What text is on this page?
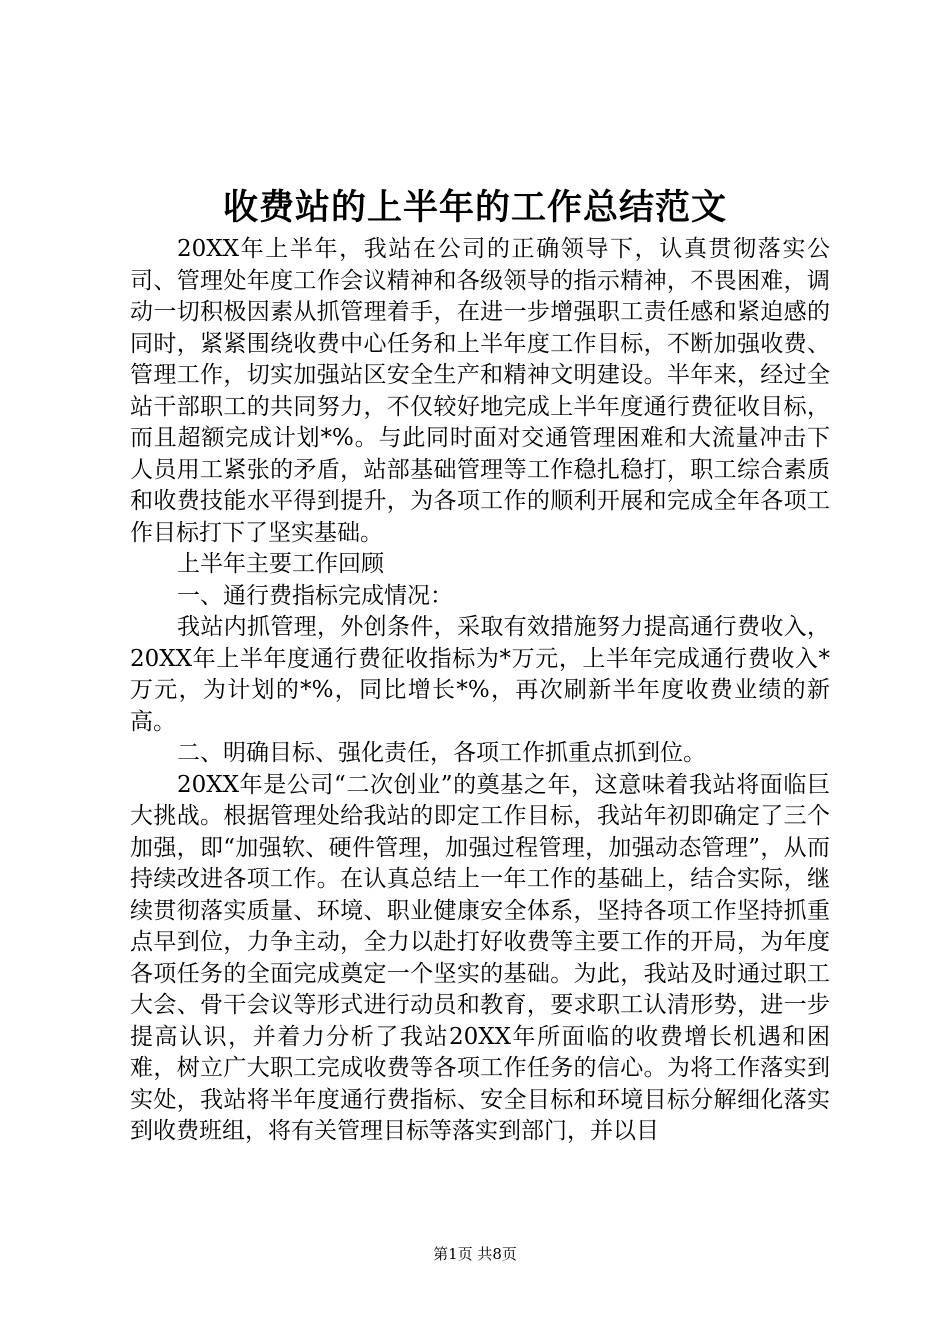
收费站的上半年的工作总结范文

20XX年上半年，我站在公司的正确领导下，认真贯彻落实公司、管理处年度工作会议精神和各级领导的指示精神，不畏困难，调动一切积极因素从抓管理着手，在进一步增强职工责任感和紧迫感的同时，紧紧围绕收费中心任务和上半年度工作目标，不断加强收费、管理工作，切实加强站区安全生产和精神文明建设。半年来，经过全站干部职工的共同努力，不仅较好地完成上半年度通行费征收目标，而且超额完成计划*%。与此同时面对交通管理困难和大流量冲击下人员用工紧张的矛盾，站部基础管理等工作稳扎稳打，职工综合素质和收费技能水平得到提升，为各项工作的顺利开展和完成全年各项工作目标打下了坚实基础。

上半年主要工作回顾

一、通行费指标完成情况：

我站内抓管理，外创条件，采取有效措施努力提高通行费收入，20XX年上半年度通行费征收指标为*万元，上半年完成通行费收入*万元，为计划的*%，同比增长*%，再次刷新半年度收费业绩的新高。

二、明确目标、强化责任，各项工作抓重点抓到位。

20XX年是公司“二次创业”的奠基之年，这意味着我站将面临巨大挑战。根据管理处给我站的即定工作目标，我站年初即确定了三个加强，即“加强软、硬件管理，加强过程管理，加强动态管理”，从而持续改进各项工作。在认真总结上一年工作的基础上，结合实际，继续贯彻落实质量、环境、职业健康安全体系，坚持各项工作坚持抓重点早到位，力争主动，全力以赴打好收费等主要工作的开局，为年度各项任务的全面完成奠定一个坚实的基础。为此，我站及时通过职工大会、骨干会议等形式进行动员和教育，要求职工认清形势，进一步提高认识，并着力分析了我站20XX年所面临的收费增长机遇和困难，树立广大职工完成收费等各项工作任务的信心。为将工作落实到实处，我站将半年度通行费指标、安全目标和环境目标分解细化落实到收费班组，将有关管理目标等落实到部门，并以目

第1页 共8页
